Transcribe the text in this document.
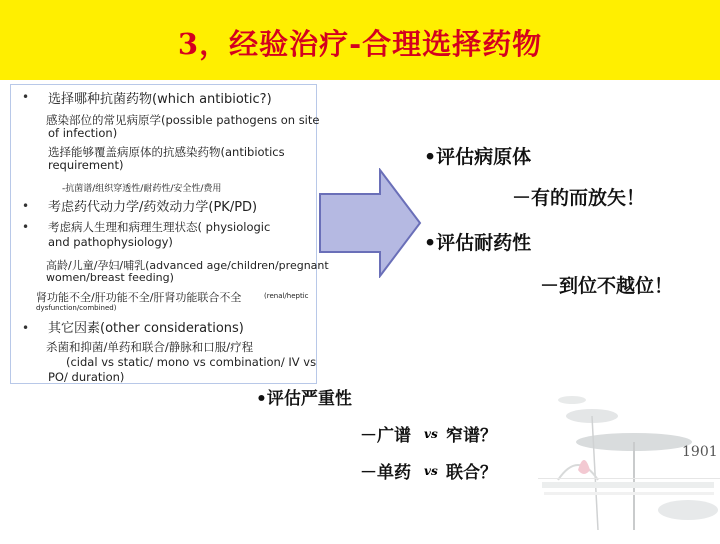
3，经验治疗-合理选择药物
• 选择哪种抗菌药物(which antibiotic?)
感染部位的常见病原学(possible pathogens on site
of infection)
选择能够覆盖病原体的抗感染药物(antibiotics
requirement)
-抗菌谱/组织穿透性/耐药性/安全性/费用
• 考虑药代动力学/药效动力学(PK/PD)
• 考虑病人生理和病理生理状态( physiologic
and pathophysiology)
高龄/儿童/孕妇/哺乳(advanced age/children/pregnant
women/breast feeding)
肾功能不全/肝功能不全/肝肾功能联合不全	(renal/heptic
dysfunction/combined)
• 其它因素(other considerations)
杀菌和抑菌/单药和联合/静脉和口服/疗程
(cidal vs static/ mono vs combination/ IV vs
PO/ duration)
•评估病原体
－有的而放矢！
•评估耐药性
－到位不越位！
•评估严重性
－广谱 vs 窄谱？
－单药 vs 联合？
1901
